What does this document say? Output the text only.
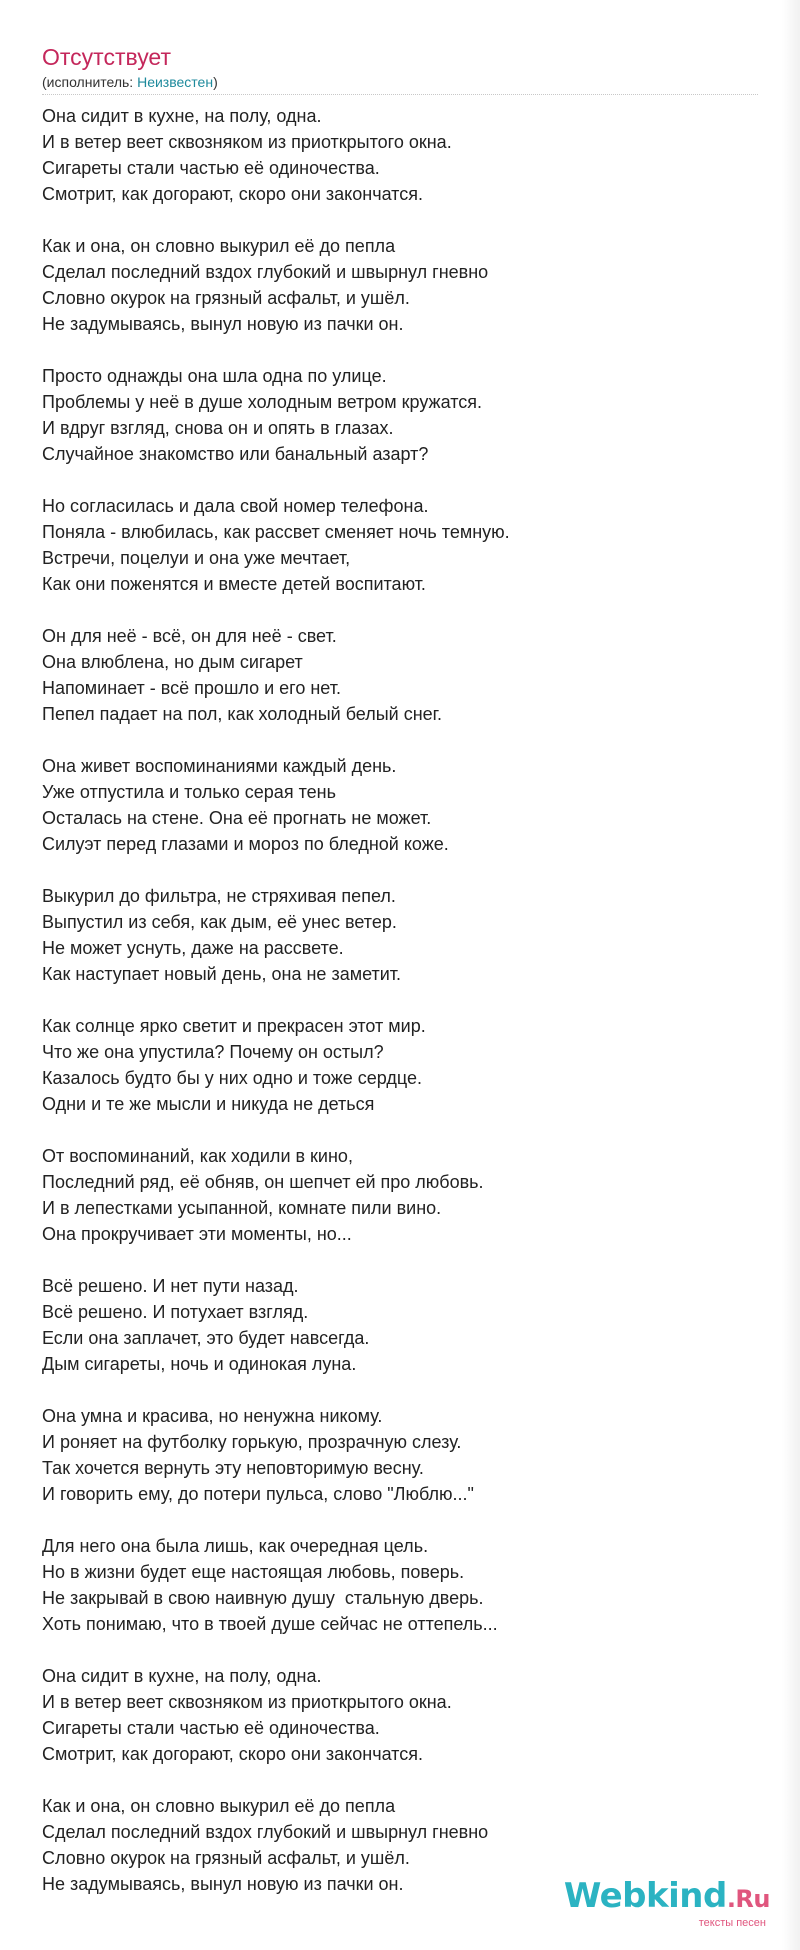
Отсутствует
(исполнитель: Неизвестен)
Она сидит в кухне, на полу, одна.
И в ветер веет сквозняком из приоткрытого окна.
Сигареты стали частью её одиночества.
Смотрит, как догорают, скоро они закончатся.
Как и она, он словно выкурил её до пепла
Сделал последний вздох глубокий и швырнул гневно
Словно окурок на грязный асфальт, и ушёл.
Не задумываясь, вынул новую из пачки он.
Просто однажды она шла одна по улице.
Проблемы у неё в душе холодным ветром кружатся.
И вдруг взгляд, снова он и опять в глазах.
Случайное знакомство или банальный азарт?
Но согласилась и дала свой номер телефона.
Поняла - влюбилась, как рассвет сменяет ночь темную.
Встречи, поцелуи и она уже мечтает,
Как они поженятся и вместе детей воспитают.
Он для неё - всё, он для неё - свет.
Она влюблена, но дым сигарет
Напоминает - всё прошло и его нет.
Пепел падает на пол, как холодный белый снег.
Она живет воспоминаниями каждый день.
Уже отпустила и только серая тень
Осталась на стене. Она её прогнать не может.
Силуэт перед глазами и мороз по бледной коже.
Выкурил до фильтра, не стряхивая пепел.
Выпустил из себя, как дым, её унес ветер.
Не может уснуть, даже на рассвете.
Как наступает новый день, она не заметит.
Как солнце ярко светит и прекрасен этот мир.
Что же она упустила? Почему он остыл?
Казалось будто бы у них одно и тоже сердце.
Одни и те же мысли и никуда не деться
От воспоминаний, как ходили в кино,
Последний ряд, её обняв, он шепчет ей про любовь.
И в лепестками усыпанной, комнате пили вино.
Она прокручивает эти моменты, но...
Всё решено. И нет пути назад.
Всё решено. И потухает взгляд.
Если она заплачет, это будет навсегда.
Дым сигареты, ночь и одинокая луна.
Она умна и красива, но ненужна никому.
И роняет на футболку горькую, прозрачную слезу.
Так хочется вернуть эту неповторимую весну.
И говорить ему, до потери пульса, слово "Люблю..."
Для него она была лишь, как очередная цель.
Но в жизни будет еще настоящая любовь, поверь.
Не закрывай в свою наивную душу  стальную дверь.
Хоть понимаю, что в твоей душе сейчас не оттепель...
Она сидит в кухне, на полу, одна.
И в ветер веет сквозняком из приоткрытого окна.
Сигареты стали частью её одиночества.
Смотрит, как догорают, скоро они закончатся.
Как и она, он словно выкурил её до пепла
Сделал последний вздох глубокий и швырнул гневно
Словно окурок на грязный асфальт, и ушёл.
Не задумываясь, вынул новую из пачки он.	Webkind.Ru
тексты песен
